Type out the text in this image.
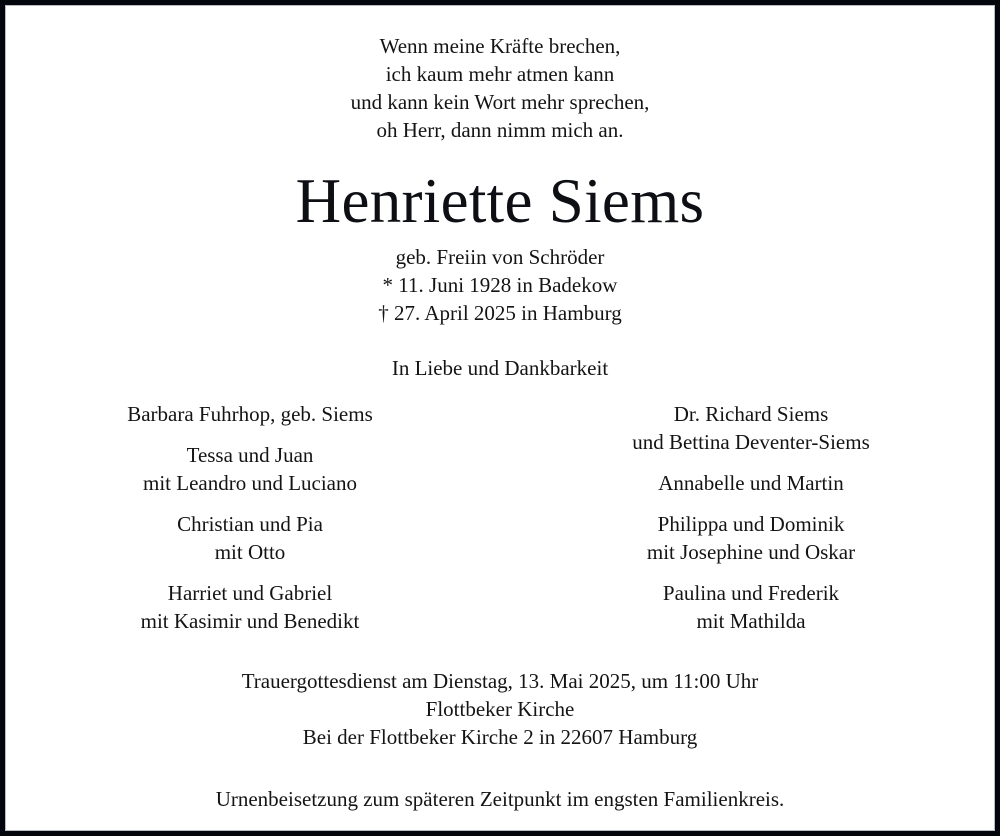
Wenn meine Kräfte brechen,
ich kaum mehr atmen kann
und kann kein Wort mehr sprechen,
oh Herr, dann nimm mich an.
Henriette Siems
geb. Freiin von Schröder
* 11. Juni 1928 in Badekow
† 27. April 2025 in Hamburg
In Liebe und Dankbarkeit
Barbara Fuhrhop, geb. Siems
Tessa und Juan
mit Leandro und Luciano
Christian und Pia
mit Otto
Harriet und Gabriel
mit Kasimir und Benedikt
Dr. Richard Siems
und Bettina Deventer-Siems
Annabelle und Martin
Philippa und Dominik
mit Josephine und Oskar
Paulina und Frederik
mit Mathilda
Trauergottesdienst am Dienstag, 13. Mai 2025, um 11:00 Uhr
Flottbeker Kirche
Bei der Flottbeker Kirche 2 in 22607 Hamburg
Urnenbeisetzung zum späteren Zeitpunkt im engsten Familienkreis.
